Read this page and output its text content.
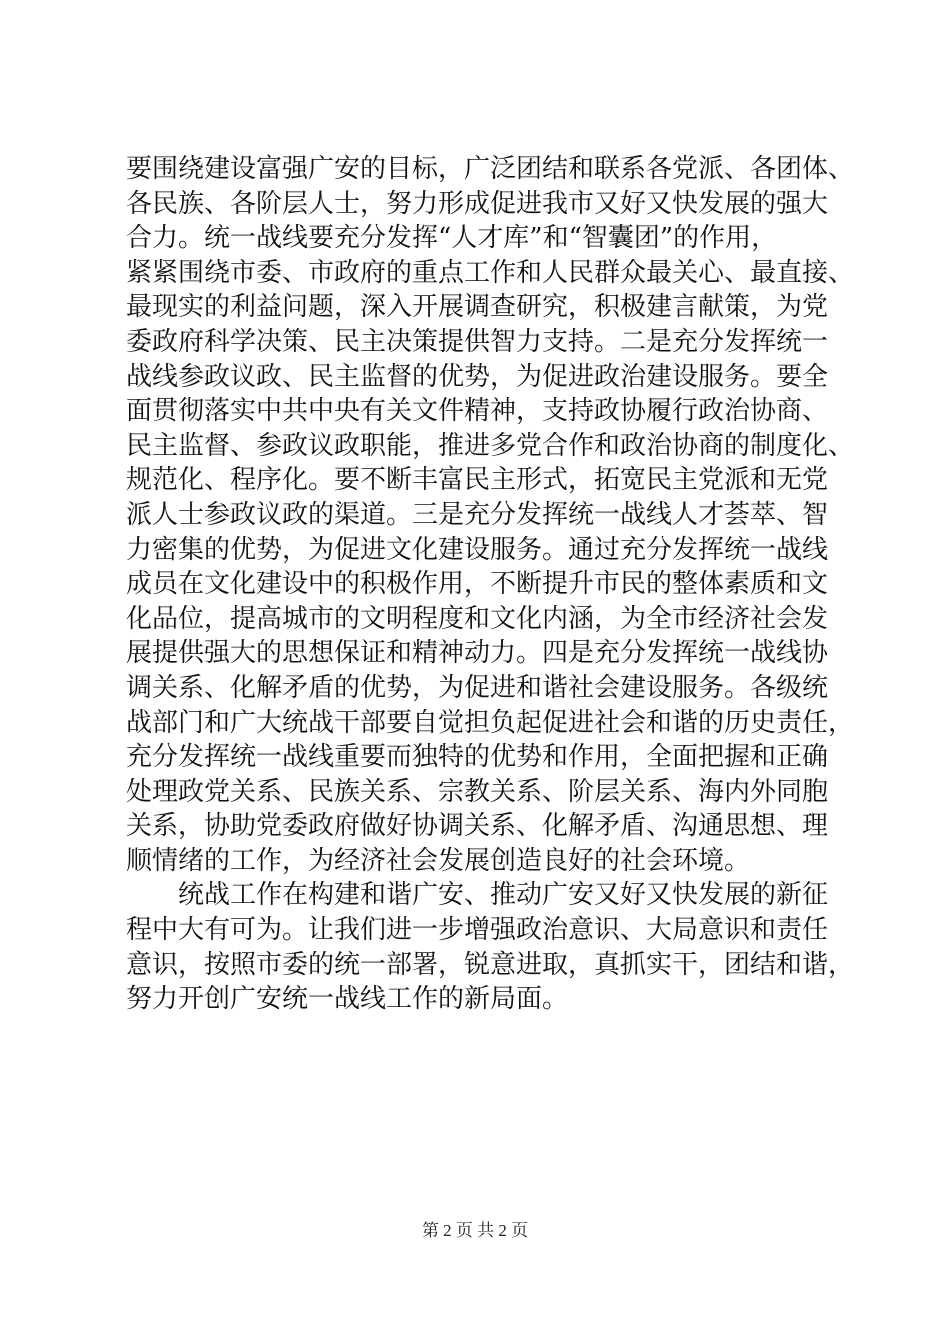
要围绕建设富强广安的目标，广泛团结和联系各党派、各团体、
各民族、各阶层人士，努力形成促进我市又好又快发展的强大
合力。统一战线要充分发挥“人才库”和“智囊团”的作用，
紧紧围绕市委、市政府的重点工作和人民群众最关心、最直接、
最现实的利益问题，深入开展调查研究，积极建言献策，为党
委政府科学决策、民主决策提供智力支持。二是充分发挥统一
战线参政议政、民主监督的优势，为促进政治建设服务。要全
面贯彻落实中共中央有关文件精神，支持政协履行政治协商、
民主监督、参政议政职能，推进多党合作和政治协商的制度化、
规范化、程序化。要不断丰富民主形式，拓宽民主党派和无党
派人士参政议政的渠道。三是充分发挥统一战线人才荟萃、智
力密集的优势，为促进文化建设服务。通过充分发挥统一战线
成员在文化建设中的积极作用，不断提升市民的整体素质和文
化品位，提高城市的文明程度和文化内涵，为全市经济社会发
展提供强大的思想保证和精神动力。四是充分发挥统一战线协
调关系、化解矛盾的优势，为促进和谐社会建设服务。各级统
战部门和广大统战干部要自觉担负起促进社会和谐的历史责任，
充分发挥统一战线重要而独特的优势和作用，全面把握和正确
处理政党关系、民族关系、宗教关系、阶层关系、海内外同胞
关系，协助党委政府做好协调关系、化解矛盾、沟通思想、理
顺情绪的工作，为经济社会发展创造良好的社会环境。
统战工作在构建和谐广安、推动广安又好又快发展的新征
程中大有可为。让我们进一步增强政治意识、大局意识和责任
意识，按照市委的统一部署，锐意进取，真抓实干，团结和谐，
努力开创广安统一战线工作的新局面。
第 2 页 共 2 页
